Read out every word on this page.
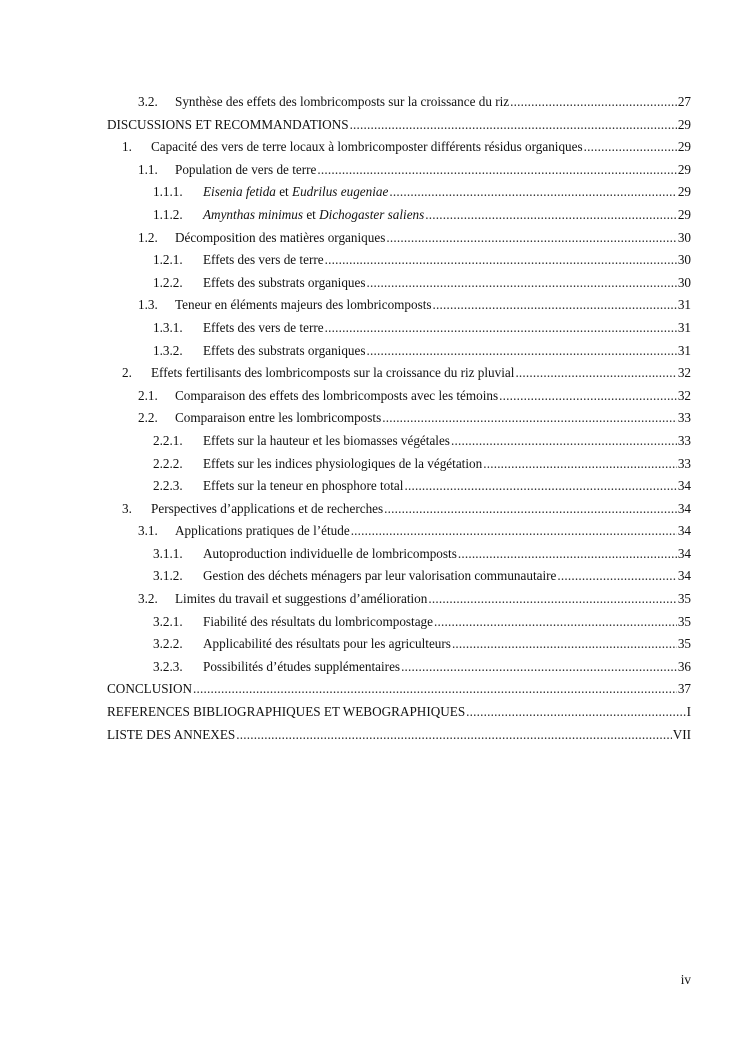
3.2.	Synthèse des effets des lombricomposts sur la croissance du riz .....	27
DISCUSSIONS ET RECOMMANDATIONS .....	29
1.	Capacité des vers de terre locaux à lombricomposter différents résidus organiques .....	29
1.1.	Population de vers de terre .....	29
1.1.1.	Eisenia fetida et Eudrilus eugeniae .....	29
1.1.2.	Amynthas minimus et Dichogaster saliens .....	29
1.2.	Décomposition des matières organiques .....	30
1.2.1.	Effets des vers de terre .....	30
1.2.2.	Effets des substrats organiques .....	30
1.3.	Teneur en éléments majeurs des lombricomposts .....	31
1.3.1.	Effets des vers de terre .....	31
1.3.2.	Effets des substrats organiques .....	31
2.	Effets fertilisants des lombricomposts sur la croissance du riz pluvial .....	32
2.1.	Comparaison des effets des lombricomposts avec les témoins .....	32
2.2.	Comparaison entre les lombricomposts .....	33
2.2.1.	Effets sur la hauteur et les biomasses végétales .....	33
2.2.2.	Effets sur les indices physiologiques de la végétation .....	33
2.2.3.	Effets sur la teneur en phosphore total .....	34
3.	Perspectives d’applications et de recherches .....	34
3.1.	Applications pratiques de l’étude .....	34
3.1.1.	Autoproduction individuelle de lombricomposts .....	34
3.1.2.	Gestion des déchets ménagers par leur valorisation communautaire .....	34
3.2.	Limites du travail et suggestions d’amélioration .....	35
3.2.1.	Fiabilité des résultats du lombricompostage .....	35
3.2.2.	Applicabilité des résultats pour les agriculteurs .....	35
3.2.3.	Possibilités d’études supplémentaires .....	36
CONCLUSION .....	37
REFERENCES BIBLIOGRAPHIQUES ET WEBOGRAPHIQUES .....	I
LISTE DES ANNEXES .....	VII
iv
